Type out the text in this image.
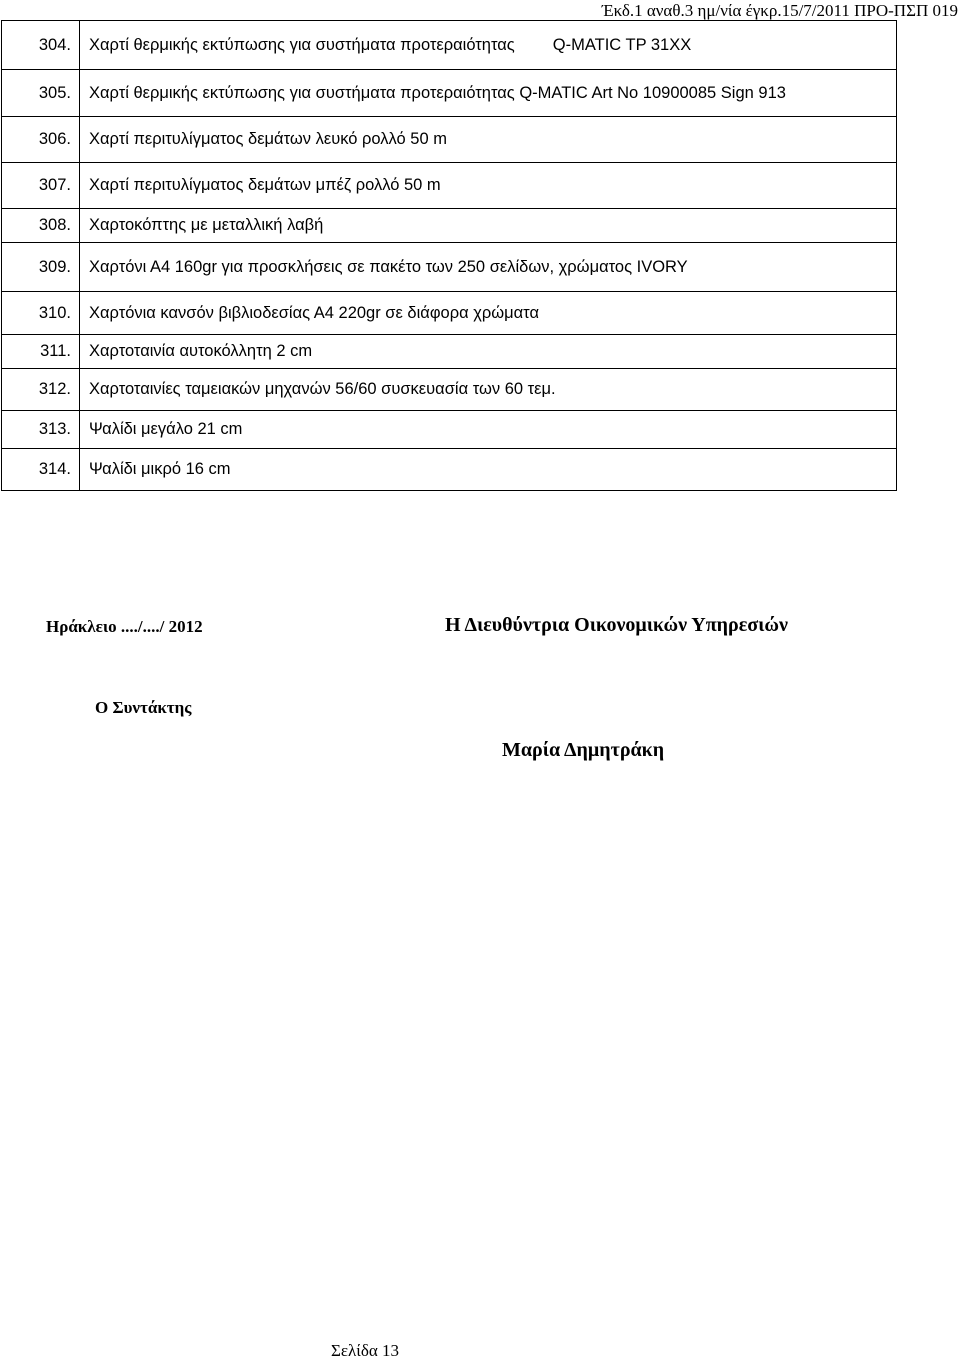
Έκδ.1 αναθ.3 ημ/νία έγκρ.15/7/2011 ΠΡΟ-ΠΣΠ 019
304.	Χαρτί θερμικής εκτύπωσης για συστήματα προτεραιότητας Q-MATIC TP 31XX
305.	Χαρτί θερμικής εκτύπωσης για συστήματα προτεραιότητας Q-MATIC Art No 10900085 Sign 913
306.	Χαρτί περιτυλίγματος δεμάτων λευκό ρολλό 50 m
307.	Χαρτί περιτυλίγματος δεμάτων μπέζ ρολλό 50 m
308.	Χαρτοκόπτης με μεταλλική λαβή
309.	Χαρτόνι Α4 160gr για προσκλήσεις σε πακέτο των 250 σελίδων, χρώματος IVORY
310.	Χαρτόνια κανσόν βιβλιοδεσίας Α4 220gr σε διάφορα χρώματα
311.	Χαρτοταινία αυτοκόλλητη 2 cm
312.	Χαρτοταινίες ταμειακών μηχανών 56/60 συσκευασία των 60 τεμ.
313.	Ψαλίδι μεγάλο 21 cm
314.	Ψαλίδι μικρό 16 cm
Ηράκλειο ..../..../ 2012	Η Διευθύντρια Οικονομικών Υπηρεσιών
Ο Συντάκτης
Μαρία Δημητράκη
Σελίδα 13
